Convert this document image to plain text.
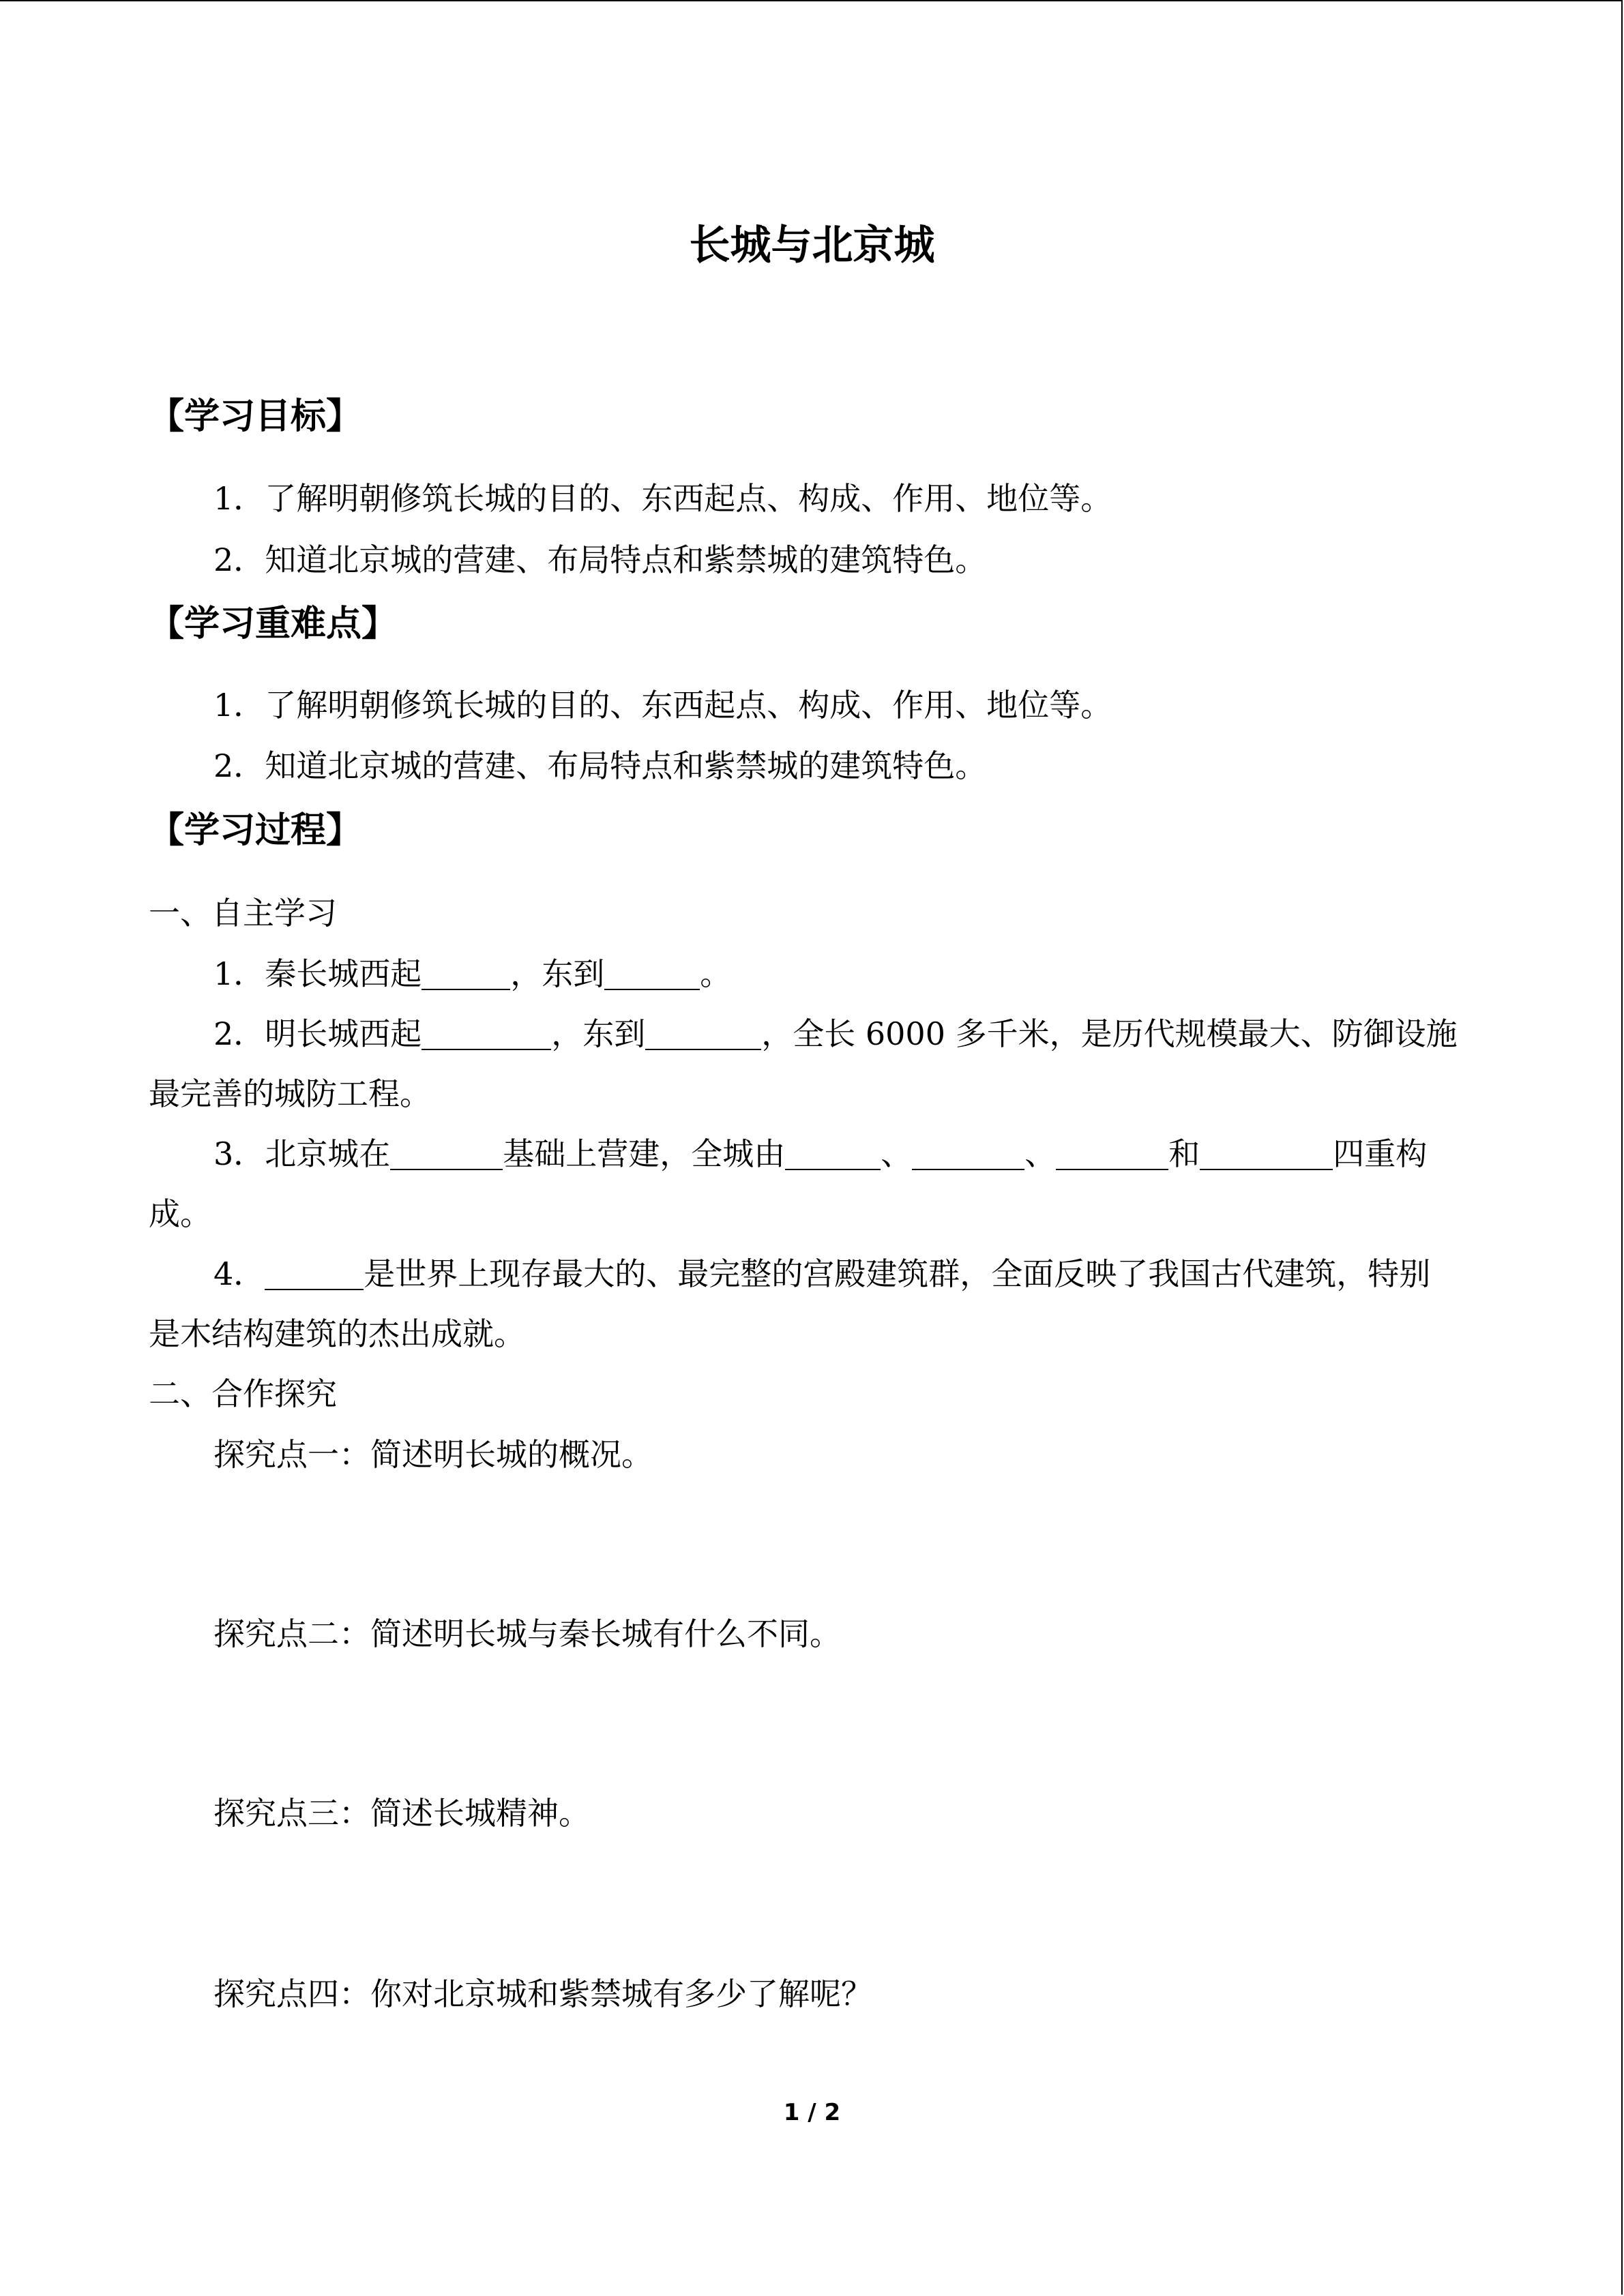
长城与北京城
【学习目标】
1．了解明朝修筑长城的目的、东西起点、构成、作用、地位等。
2．知道北京城的营建、布局特点和紫禁城的建筑特色。
【学习重难点】
1．了解明朝修筑长城的目的、东西起点、构成、作用、地位等。
2．知道北京城的营建、布局特点和紫禁城的建筑特色。
【学习过程】
一、自主学习
1．秦长城西起	，东到	。
2．明长城西起	，东到	，全长 6000 多千米，是历代规模最大、防御设施
最完善的城防工程。
3．北京城在	基础上营建，全城由	、	、	和	四重构
成。
4．	是世界上现存最大的、最完整的宫殿建筑群，全面反映了我国古代建筑，特别
是木结构建筑的杰出成就。
二、合作探究
探究点一：简述明长城的概况。
探究点二：简述明长城与秦长城有什么不同。
探究点三：简述长城精神。
探究点四：你对北京城和紫禁城有多少了解呢？
1 / 2
